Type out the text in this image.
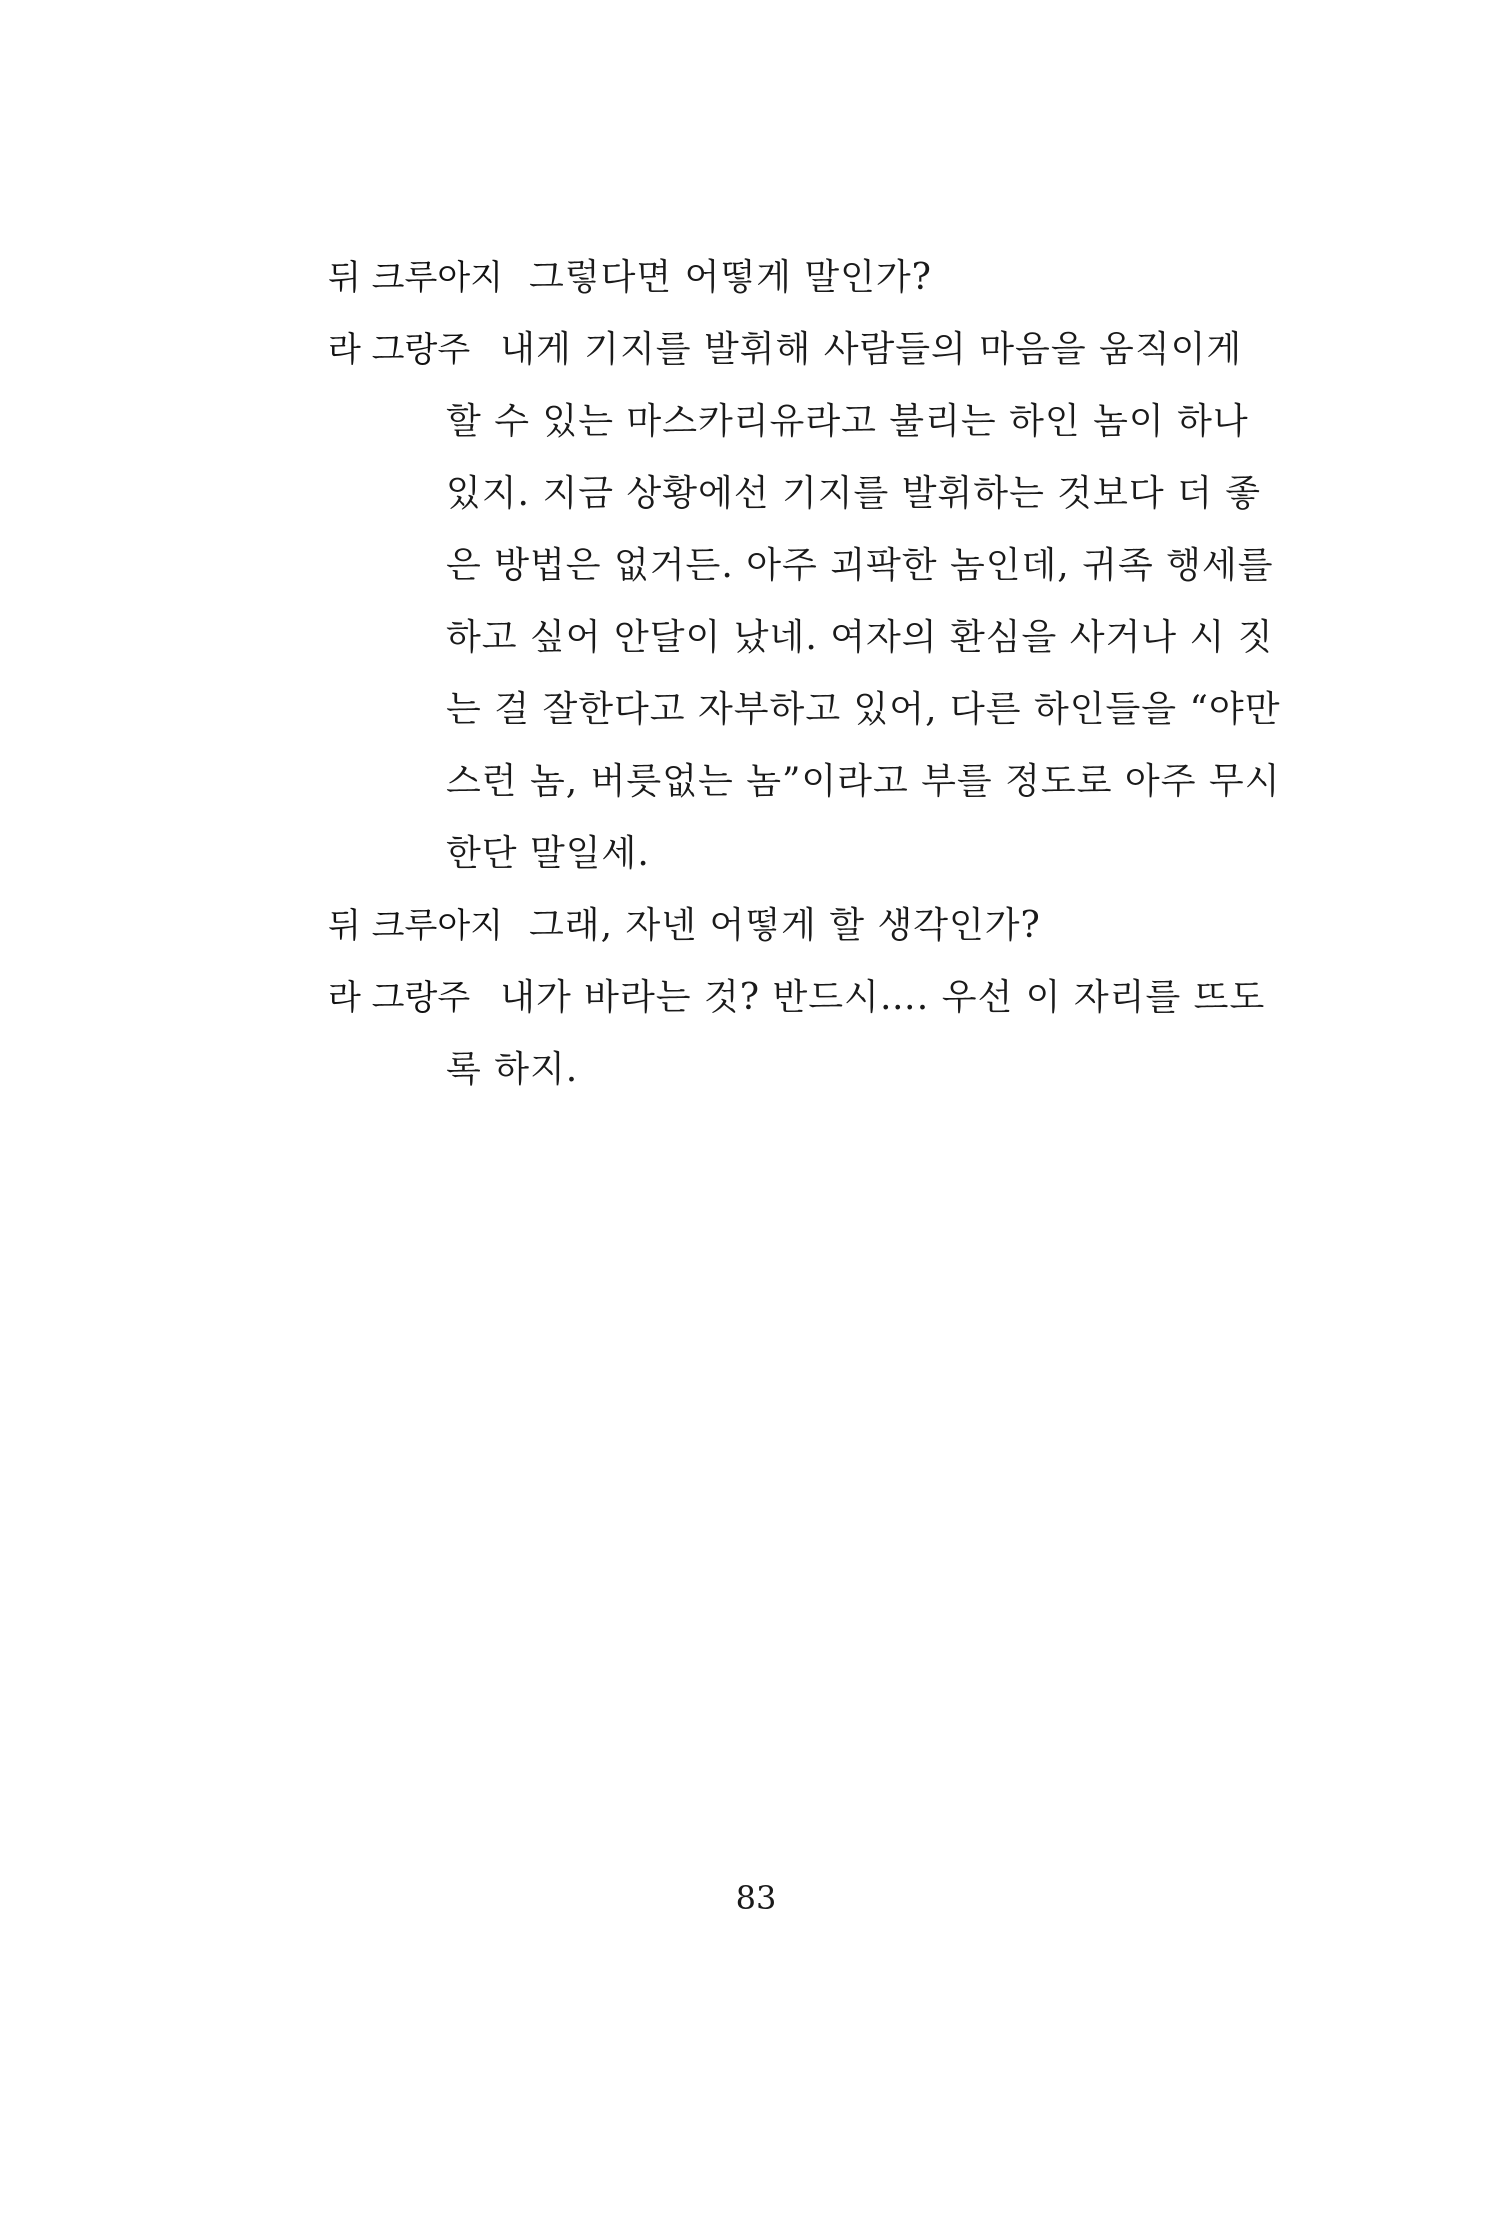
뒤 크루아지 그렇다면 어떻게 말인가?
라 그랑주 내게 기지를 발휘해 사람들의 마음을 움직이게
할 수 있는 마스카리유라고 불리는 하인 놈이 하나
있지. 지금 상황에선 기지를 발휘하는 것보다 더 좋
은 방법은 없거든. 아주 괴팍한 놈인데, 귀족 행세를
하고 싶어 안달이 났네. 여자의 환심을 사거나 시 짓
는 걸 잘한다고 자부하고 있어, 다른 하인들을 “야만
스런 놈, 버릇없는 놈”이라고 부를 정도로 아주 무시
한단 말일세.
뒤 크루아지 그래, 자넨 어떻게 할 생각인가?
라 그랑주 내가 바라는 것? 반드시…. 우선 이 자리를 뜨도
록 하지.
83
